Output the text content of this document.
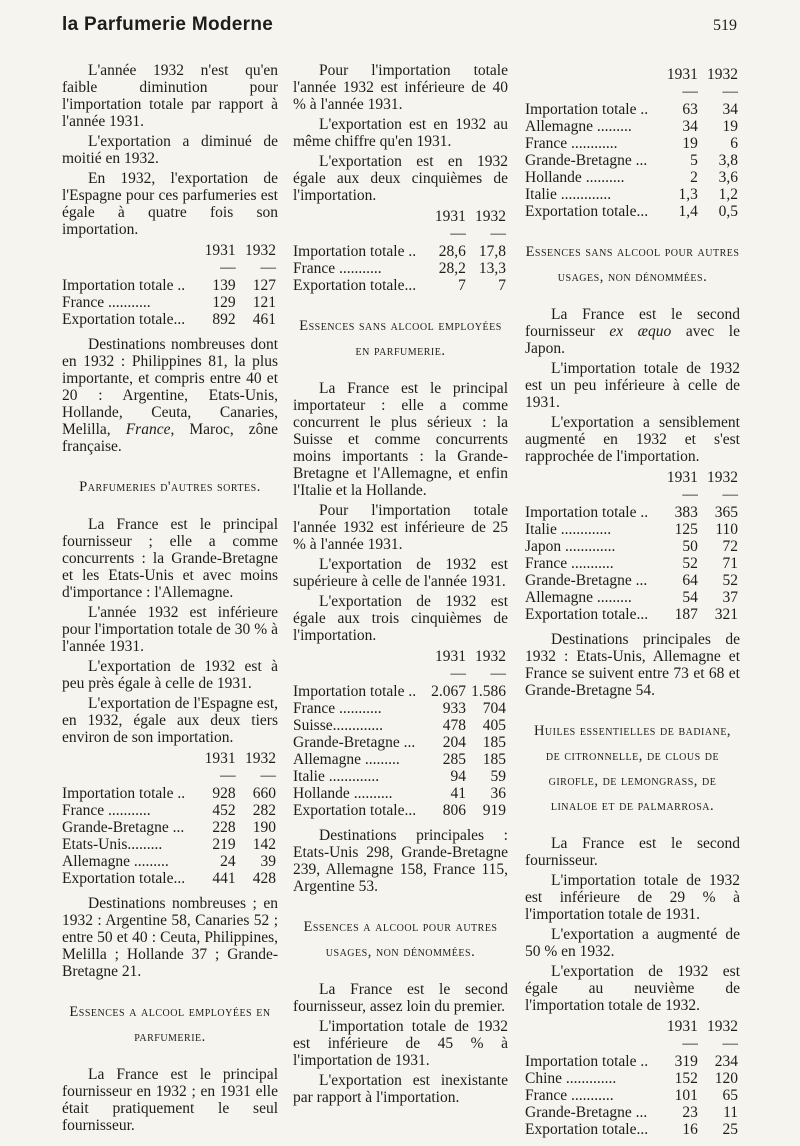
la Parfumerie Moderne	519

L'année 1932 n'est qu'en faible diminution pour l'importation totale par rapport à l'année 1931.

L'exportation a diminué de moitié en 1932.

En 1932, l'exportation de l'Espagne pour ces parfumeries est égale à quatre fois son importation.

	1931	1932
	—	—
Importation totale ..	139	127
France ...........	129	121
Exportation totale...	892	461

Destinations nombreuses dont en 1932 : Philippines 81, la plus importante, et compris entre 40 et 20 : Argentine, Etats-Unis, Hollande, Ceuta, Canaries, Melilla, France, Maroc, zône française.

Parfumeries d'autres sortes.

La France est le principal fournisseur ; elle a comme concurrents : la Grande-Bretagne et les Etats-Unis et avec moins d'importance : l'Allemagne.

L'année 1932 est inférieure pour l'importation totale de 30 % à l'année 1931.

L'exportation de 1932 est à peu près égale à celle de 1931.

L'exportation de l'Espagne est, en 1932, égale aux deux tiers environ de son importation.

	1931	1932
	—	—
Importation totale ..	928	660
France ...........	452	282
Grande-Bretagne ...	228	190
Etats-Unis.........	219	142
Allemagne .........	24	39
Exportation totale...	441	428

Destinations nombreuses ; en 1932 : Argentine 58, Canaries 52 ; entre 50 et 40 : Ceuta, Philippines, Melilla ; Hollande 37 ; Grande-Bretagne 21.

Essences a alcool employées en parfumerie.

La France est le principal fournisseur en 1932 ; en 1931 elle était pratiquement le seul fournisseur.

Pour l'importation totale l'année 1932 est inférieure de 40 % à l'année 1931.

L'exportation est en 1932 au même chiffre qu'en 1931.

L'exportation est en 1932 égale aux deux cinquièmes de l'importation.

	1931	1932
	—	—
Importation totale ..	28,6	17,8
France ...........	28,2	13,3
Exportation totale...	7	7
Essences sans alcool employées en parfumerie.

La France est le principal importateur : elle a comme concurrent le plus sérieux : la Suisse et comme concurrents moins importants : la Grande-Bretagne et l'Allemagne, et enfin l'Italie et la Hollande.

Pour l'importation totale l'année 1932 est inférieure de 25 % à l'année 1931.

L'exportation de 1932 est supérieure à celle de l'année 1931.

L'exportation de 1932 est égale aux trois cinquièmes de l'importation.

	1931	1932
	—	—
Importation totale ..	2.067	1.586
France ...........	933	704
Suisse.............	478	405
Grande-Bretagne ...	204	185
Allemagne .........	285	185
Italie .............	94	59
Hollande ..........	41	36
Exportation totale...	806	919

Destinations principales : Etats-Unis 298, Grande-Bretagne 239, Allemagne 158, France 115, Argentine 53.

Essences a alcool pour autres usages, non dénommées.

La France est le second fournisseur, assez loin du premier.

L'importation totale de 1932 est inférieure de 45 % à l'importation de 1931.

L'exportation est inexistante par rapport à l'importation.

	1931	1932
	—	—
Importation totale ..	63	34
Allemagne .........	34	19
France ............	19	6
Grande-Bretagne ...	5	3,8
Hollande ..........	2	3,6
Italie .............	1,3	1,2
Exportation totale...	1,4	0,5
Essences sans alcool pour autres usages, non dénommées.

La France est le second fournisseur ex æquo avec le Japon.

L'importation totale de 1932 est un peu inférieure à celle de 1931.

L'exportation a sensiblement augmenté en 1932 et s'est rapprochée de l'importation.

	1931	1932
	—	—
Importation totale ..	383	365
Italie .............	125	110
Japon .............	50	72
France ...........	52	71
Grande-Bretagne ...	64	52
Allemagne .........	54	37
Exportation totale...	187	321

Destinations principales de 1932 : Etats-Unis, Allemagne et France se suivent entre 73 et 68 et Grande-Bretagne 54.

Huiles essentielles de badiane, de citronnelle, de clous de girofle, de lemongrass, de linaloe et de palmarrosa.

La France est le second fournisseur.

L'importation totale de 1932 est inférieure de 29 % à l'importation totale de 1931.

L'exportation a augmenté de 50 % en 1932.

L'exportation de 1932 est égale au neuvième de l'importation totale de 1932.

	1931	1932
	—	—
Importation totale ..	319	234
Chine .............	152	120
France ...........	101	65
Grande-Bretagne ...	23	11
Exportation totale...	16	25
